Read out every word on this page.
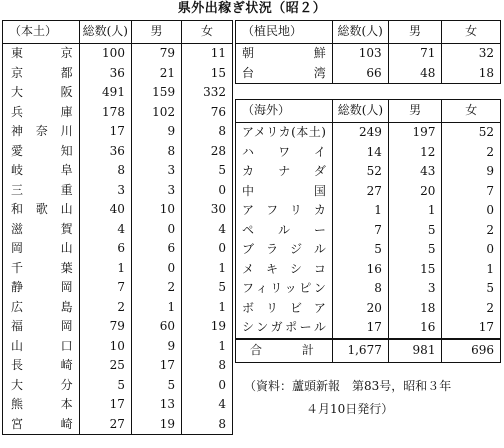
県外出稼ぎ状況（昭２）
（本土）	総数(人)	男	女
東　京	100	79	11
京　都	36	21	15
大　阪	491	159	332
兵　庫	178	102	76
神奈川	17	9	8
愛　知	36	8	28
岐　阜	8	3	5
三　重	3	3	0
和歌山	40	10	30
滋　賀	4	0	4
岡　山	6	6	0
千　葉	1	0	1
静　岡	7	2	5
広　島	2	1	1
福　岡	79	60	19
山　口	10	9	1
長　崎	25	17	8
大　分	5	5	0
熊　本	17	13	4
宮　崎	27	19	8
（植民地）	総数(人)	男	女
朝　鮮	103	71	32
台　湾	66	48	18
（海外）	総数(人)	男	女
アメリカ(本土)	249	197	52
ハワイ	14	12	2
カナダ	52	43	9
中　国	27	20	7
アフリカ	1	1	0
ペルー	7	5	2
ブラジル	5	5	0
メキシコ	16	15	1
フィリッピン	8	3	5
ボリビア	20	18	2
シンガポール	17	16	17
合　計	1,677	981	696
（資料：蘆頭新報　第83号，昭和３年
４月10日発行）
